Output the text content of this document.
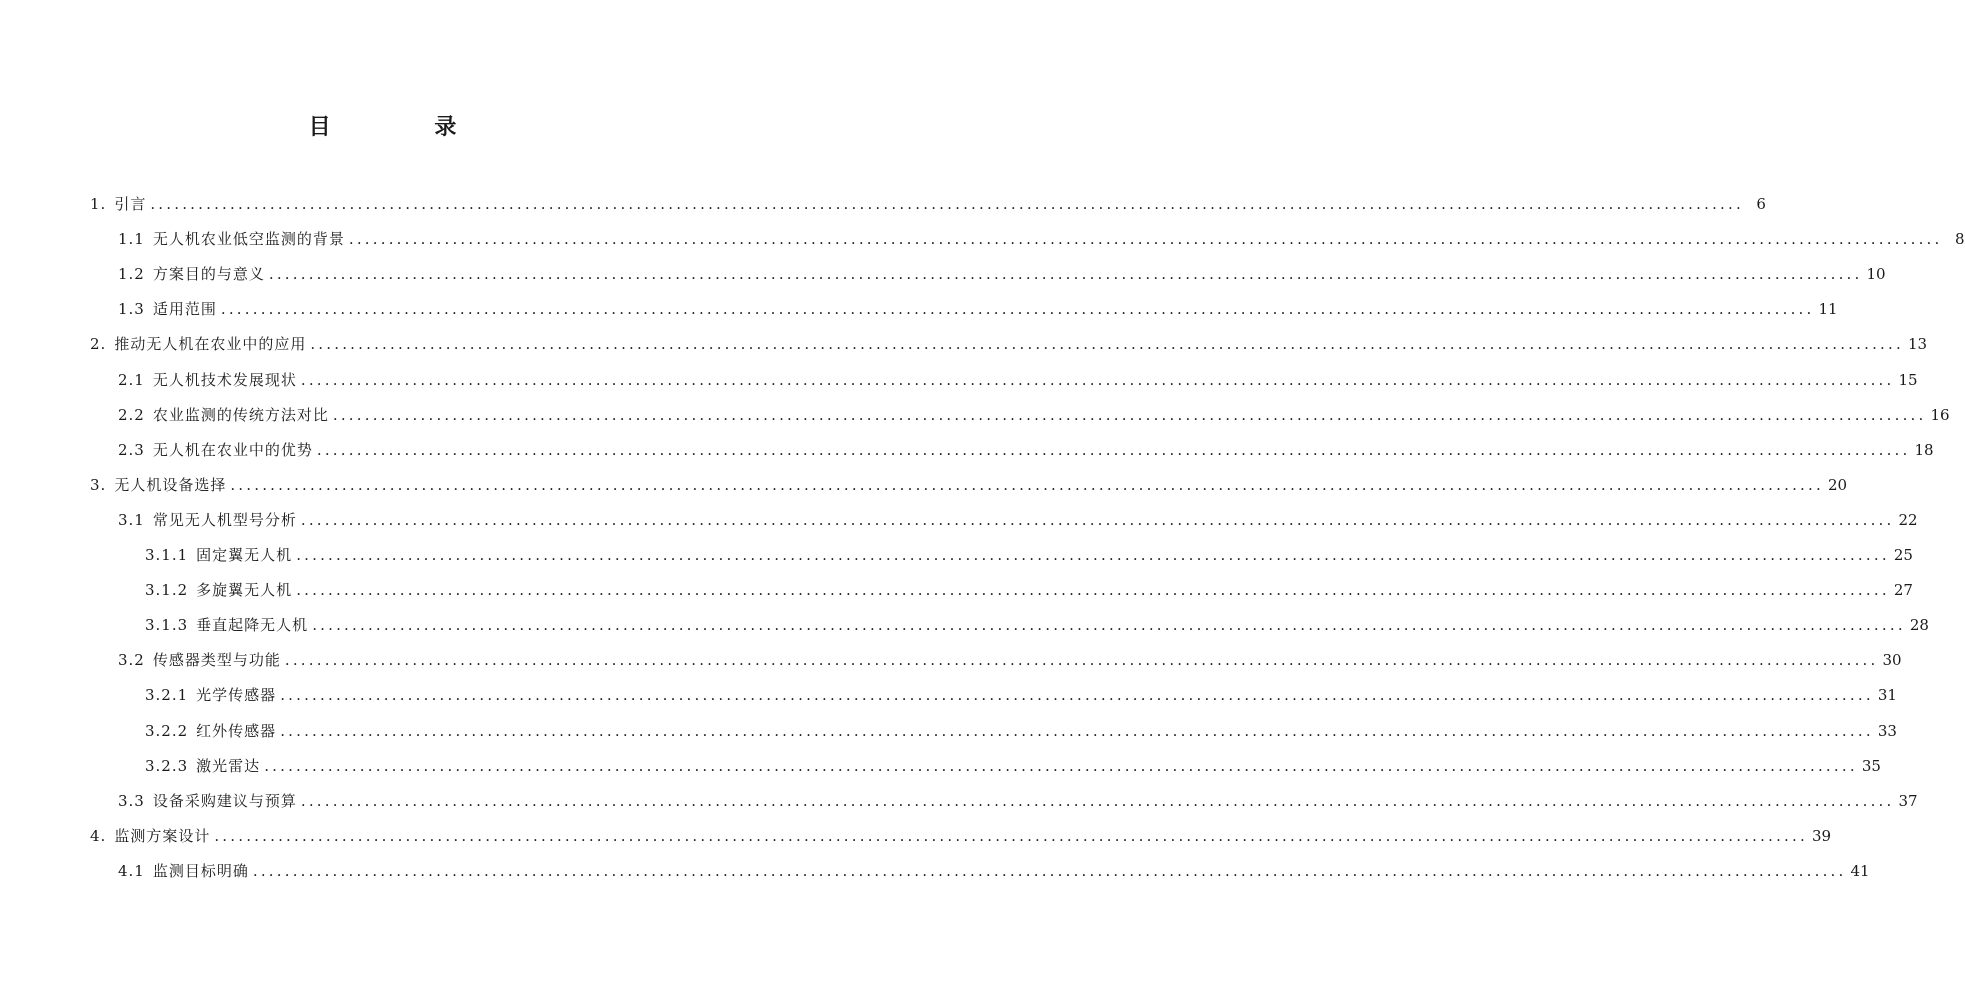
目 录
1. 引言 ........................................................................................................................................................................................................ 6
1.1 无人机农业低空监测的背景 ........................................................................................................................................................................................................ 8
1.2 方案目的与意义 ........................................................................................................................................................................................................ 10
1.3 适用范围 ........................................................................................................................................................................................................ 11
2. 推动无人机在农业中的应用 ........................................................................................................................................................................................................ 13
2.1 无人机技术发展现状 ........................................................................................................................................................................................................ 15
2.2 农业监测的传统方法对比 ........................................................................................................................................................................................................ 16
2.3 无人机在农业中的优势 ........................................................................................................................................................................................................ 18
3. 无人机设备选择 ........................................................................................................................................................................................................ 20
3.1 常见无人机型号分析 ........................................................................................................................................................................................................ 22
3.1.1 固定翼无人机 ........................................................................................................................................................................................................ 25
3.1.2 多旋翼无人机 ........................................................................................................................................................................................................ 27
3.1.3 垂直起降无人机 ........................................................................................................................................................................................................ 28
3.2 传感器类型与功能 ........................................................................................................................................................................................................ 30
3.2.1 光学传感器 ........................................................................................................................................................................................................ 31
3.2.2 红外传感器 ........................................................................................................................................................................................................ 33
3.2.3 激光雷达 ........................................................................................................................................................................................................ 35
3.3 设备采购建议与预算 ........................................................................................................................................................................................................ 37
4. 监测方案设计 ........................................................................................................................................................................................................ 39
4.1 监测目标明确 ........................................................................................................................................................................................................ 41
